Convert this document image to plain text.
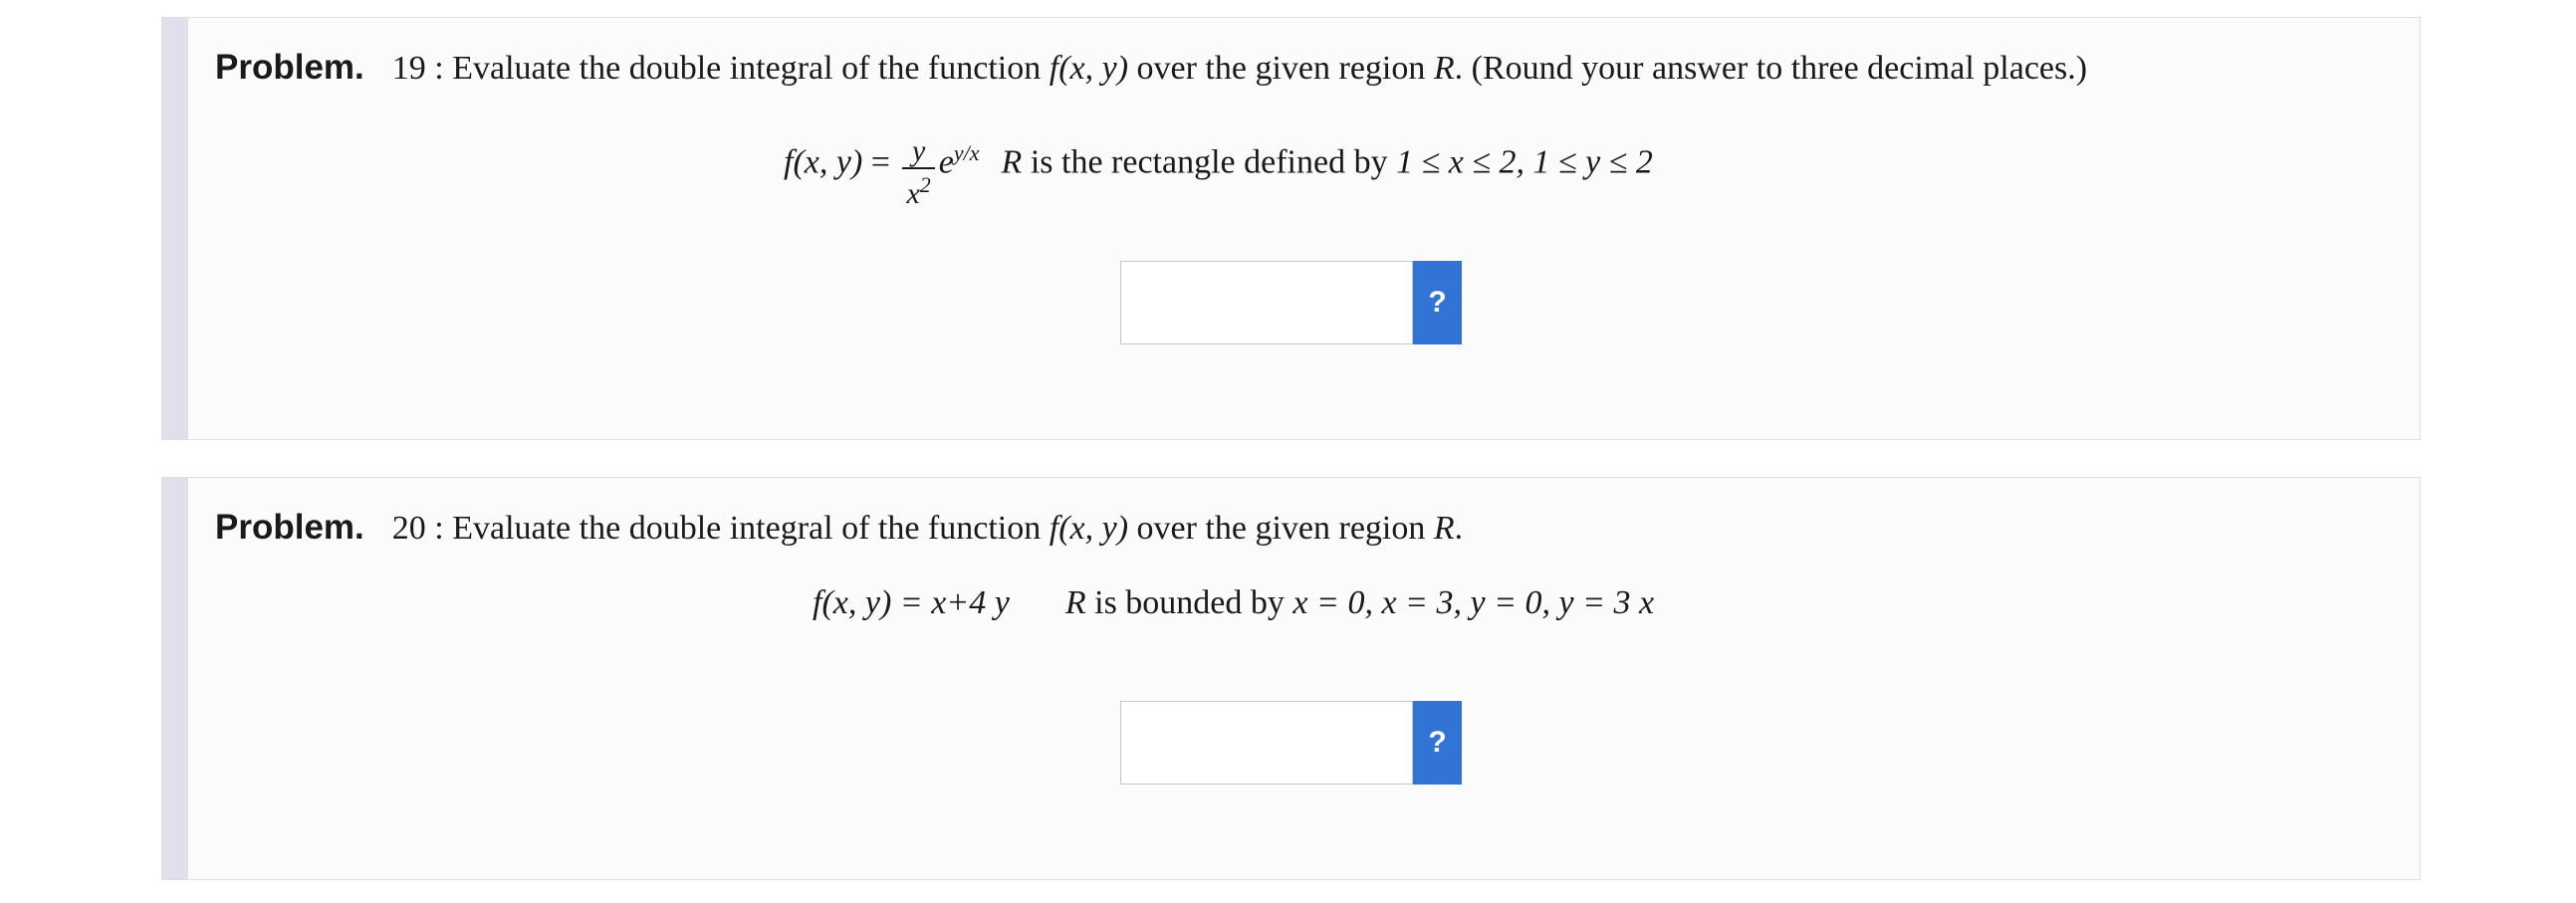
Problem. 19 : Evaluate the double integral of the function f(x, y) over the given region R. (Round your answer to three decimal places.)
f(x, $y) = \frac{y}{x^2} e^{y/x}$ R is the rectangle defined by 1 ≤ x ≤ 2, 1 ≤ y ≤ 2
?
Problem. 20 : Evaluate the double integral of the function f(x, y) over the given region R.
f(x, y) = x+4 y R is bounded by x = 0, x = 3, y = 0, y = 3 x
?
